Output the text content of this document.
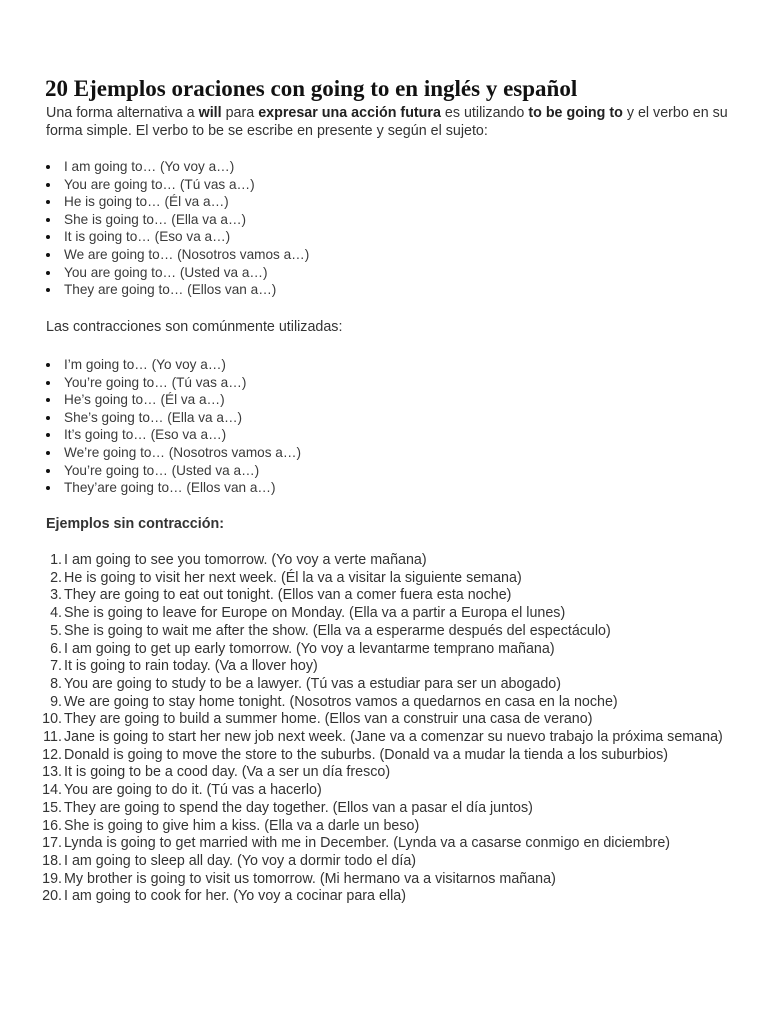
20 Ejemplos oraciones con going to en inglés y español

Una forma alternativa a will para expresar una acción futura es utilizando to be going to y el verbo en su forma simple. El verbo to be se escribe en presente y según el sujeto:

I am going to… (Yo voy a…)
You are going to… (Tú vas a…)
He is going to… (Él va a…)
She is going to… (Ella va a…)
It is going to… (Eso va a…)
We are going to… (Nosotros vamos a…)
You are going to… (Usted va a…)
They are going to… (Ellos van a…)

Las contracciones son comúnmente utilizadas:

I’m going to… (Yo voy a…)
You’re going to… (Tú vas a…)
He’s going to… (Él va a…)
She’s going to… (Ella va a…)
It’s going to… (Eso va a…)
We’re going to… (Nosotros vamos a…)
You’re going to… (Usted va a…)
They’are going to… (Ellos van a…)

Ejemplos sin contracción:

1. I am going to see you tomorrow. (Yo voy a verte mañana)
2. He is going to visit her next week. (Él la va a visitar la siguiente semana)
3. They are going to eat out tonight. (Ellos van a comer fuera esta noche)
4. She is going to leave for Europe on Monday. (Ella va a partir a Europa el lunes)
5. She is going to wait me after the show. (Ella va a esperarme después del espectáculo)
6. I am going to get up early tomorrow. (Yo voy a levantarme temprano mañana)
7. It is going to rain today. (Va a llover hoy)
8. You are going to study to be a lawyer. (Tú vas a estudiar para ser un abogado)
9. We are going to stay home tonight. (Nosotros vamos a quedarnos en casa en la noche)
10. They are going to build a summer home. (Ellos van a construir una casa de verano)
11. Jane is going to start her new job next week. (Jane va a comenzar su nuevo trabajo la próxima semana)
12. Donald is going to move the store to the suburbs. (Donald va a mudar la tienda a los suburbios)
13. It is going to be a cood day. (Va a ser un día fresco)
14. You are going to do it. (Tú vas a hacerlo)
15. They are going to spend the day together. (Ellos van a pasar el día juntos)
16. She is going to give him a kiss. (Ella va a darle un beso)
17. Lynda is going to get married with me in December. (Lynda va a casarse conmigo en diciembre)
18. I am going to sleep all day. (Yo voy a dormir todo el día)
19. My brother is going to visit us tomorrow. (Mi hermano va a visitarnos mañana)
20. I am going to cook for her. (Yo voy a cocinar para ella)
